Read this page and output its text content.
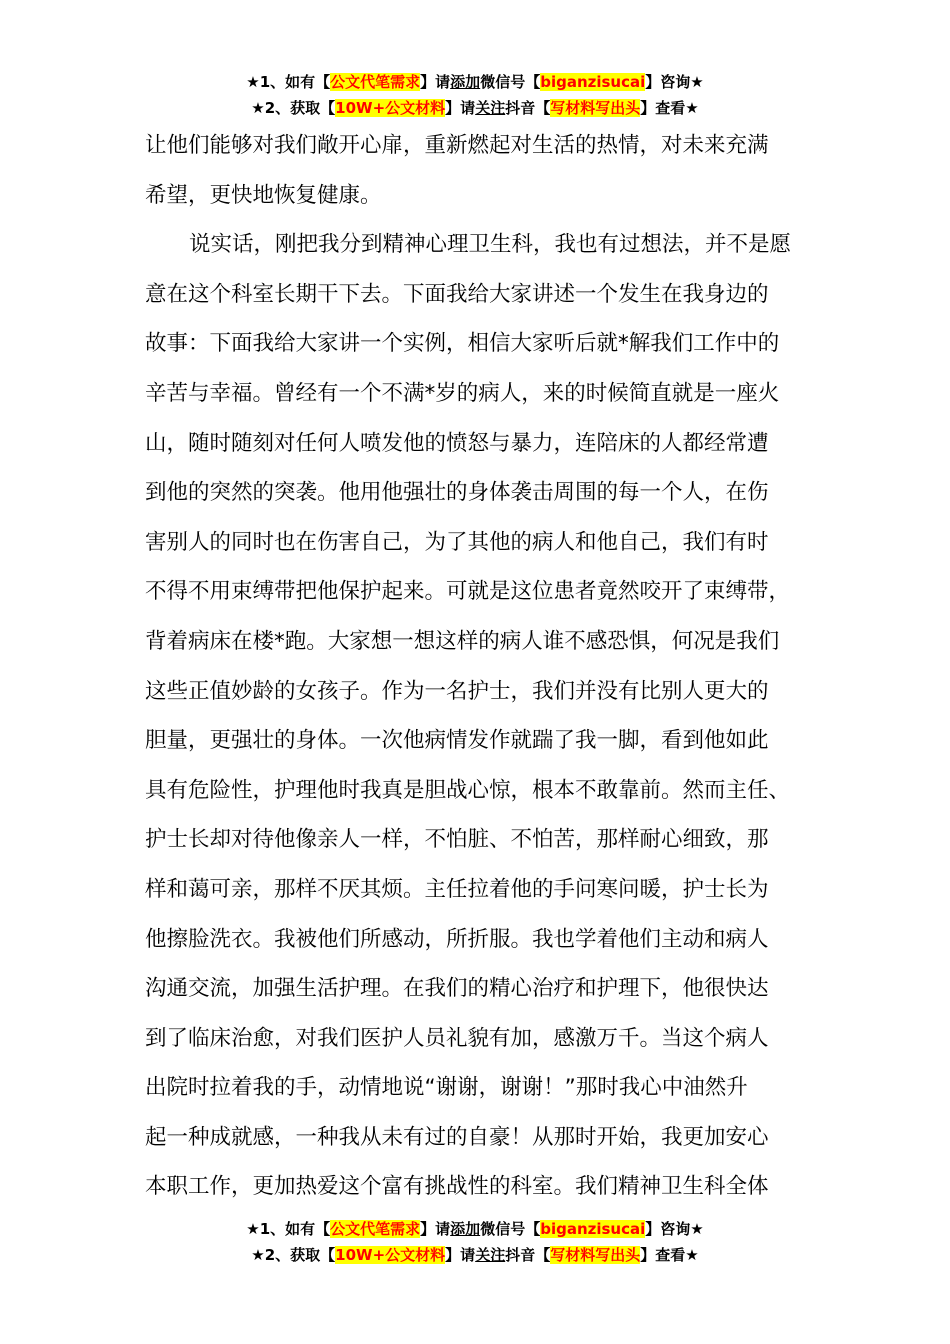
★1、如有【公文代笔需求】请添加微信号【biganzisucai】咨询★
★2、获取【10W+公文材料】请关注抖音【写材料写出头】查看★
让他们能够对我们敞开心扉，重新燃起对生活的热情，对未来充满
希望，更快地恢复健康。
说实话，刚把我分到精神心理卫生科，我也有过想法，并不是愿
意在这个科室长期干下去。下面我给大家讲述一个发生在我身边的
故事：下面我给大家讲一个实例，相信大家听后就*解我们工作中的
辛苦与幸福。曾经有一个不满*岁的病人，来的时候简直就是一座火
山，随时随刻对任何人喷发他的愤怒与暴力，连陪床的人都经常遭
到他的突然的突袭。他用他强壮的身体袭击周围的每一个人，在伤
害别人的同时也在伤害自己，为了其他的病人和他自己，我们有时
不得不用束缚带把他保护起来。可就是这位患者竟然咬开了束缚带，
背着病床在楼*跑。大家想一想这样的病人谁不感恐惧，何况是我们
这些正值妙龄的女孩子。作为一名护士，我们并没有比别人更大的
胆量，更强壮的身体。一次他病情发作就踹了我一脚，看到他如此
具有危险性，护理他时我真是胆战心惊，根本不敢靠前。然而主任、
护士长却对待他像亲人一样，不怕脏、不怕苦，那样耐心细致，那
样和蔼可亲，那样不厌其烦。主任拉着他的手问寒问暖，护士长为
他擦脸洗衣。我被他们所感动，所折服。我也学着他们主动和病人
沟通交流，加强生活护理。在我们的精心治疗和护理下，他很快达
到了临床治愈，对我们医护人员礼貌有加，感激万千。当这个病人
出院时拉着我的手，动情地说“谢谢，谢谢！”那时我心中油然升
起一种成就感，一种我从未有过的自豪！从那时开始，我更加安心
本职工作，更加热爱这个富有挑战性的科室。我们精神卫生科全体
★1、如有【公文代笔需求】请添加微信号【biganzisucai】咨询★
★2、获取【10W+公文材料】请关注抖音【写材料写出头】查看★
